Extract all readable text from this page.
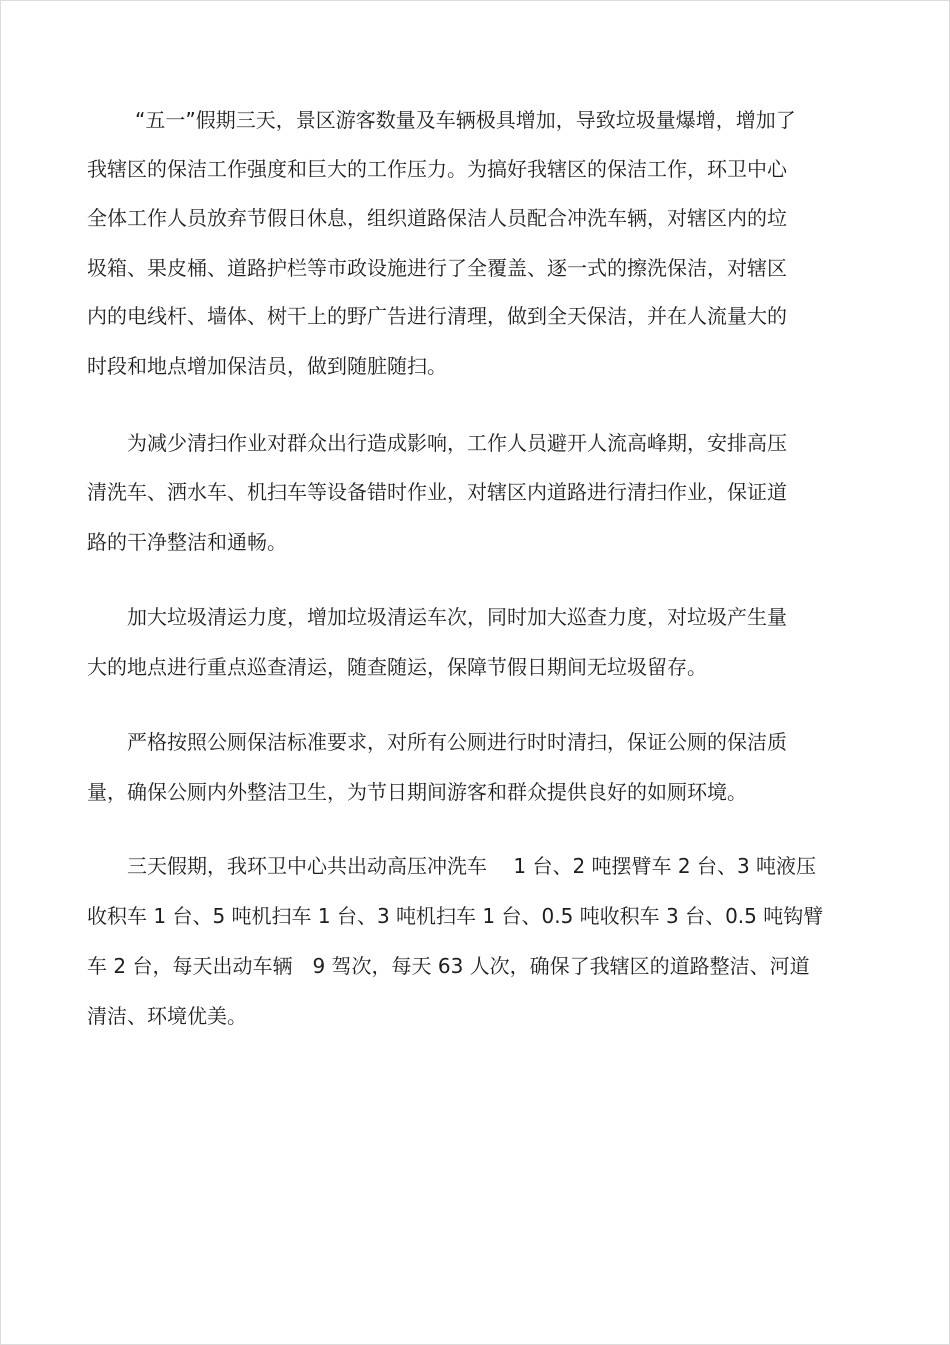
“五一”假期三天，景区游客数量及车辆极具增加，导致垃圾量爆增，增加了
我辖区的保洁工作强度和巨大的工作压力。为搞好我辖区的保洁工作，环卫中心
全体工作人员放弃节假日休息，组织道路保洁人员配合冲洗车辆，对辖区内的垃
圾箱、果皮桶、道路护栏等市政设施进行了全覆盖、逐一式的擦洗保洁，对辖区
内的电线杆、墙体、树干上的野广告进行清理，做到全天保洁，并在人流量大的
时段和地点增加保洁员，做到随脏随扫。
为减少清扫作业对群众出行造成影响，工作人员避开人流高峰期，安排高压
清洗车、洒水车、机扫车等设备错时作业，对辖区内道路进行清扫作业，保证道
路的干净整洁和通畅。
加大垃圾清运力度，增加垃圾清运车次，同时加大巡查力度，对垃圾产生量
大的地点进行重点巡查清运，随查随运，保障节假日期间无垃圾留存。
严格按照公厕保洁标准要求，对所有公厕进行时时清扫，保证公厕的保洁质
量，确保公厕内外整洁卫生，为节日期间游客和群众提供良好的如厕环境。
三天假期，我环卫中心共出动高压冲洗车　 1 台、2 吨摆臂车 2 台、3 吨液压
收积车 1 台、5 吨机扫车 1 台、3 吨机扫车 1 台、0.5 吨收积车 3 台、0.5 吨钩臂
车 2 台，每天出动车辆　9 驾次，每天 63 人次，确保了我辖区的道路整洁、河道
清洁、环境优美。
